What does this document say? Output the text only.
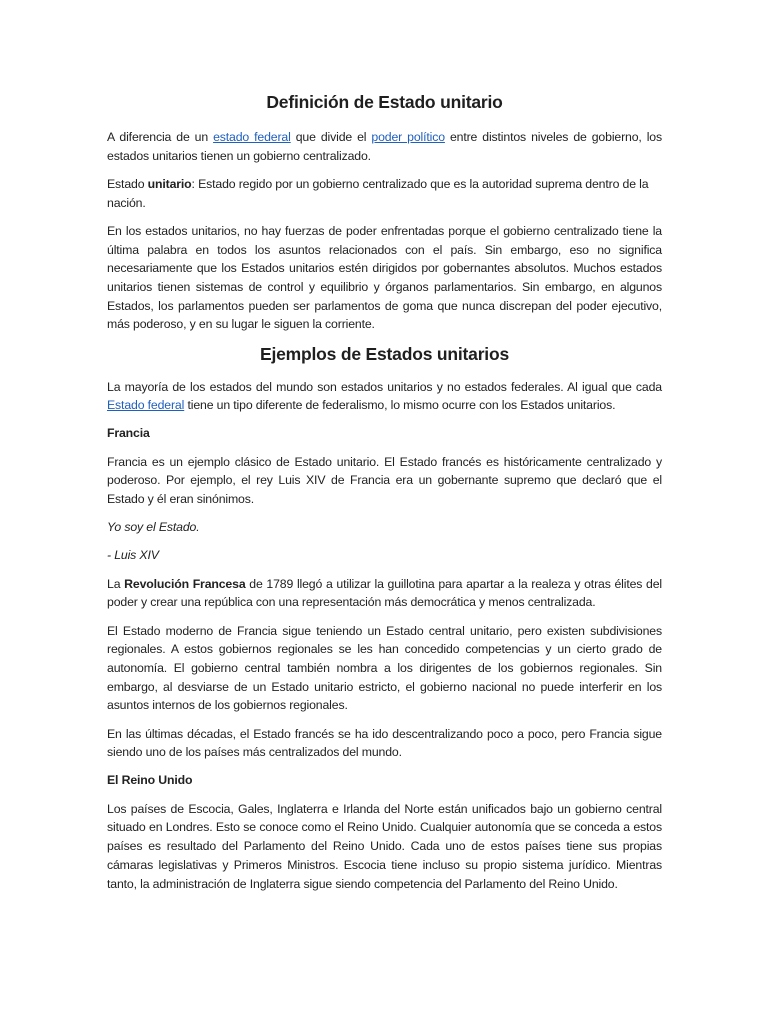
Definición de Estado unitario

A diferencia de un estado federal que divide el poder político entre distintos niveles de gobierno, los estados unitarios tienen un gobierno centralizado.

Estado unitario: Estado regido por un gobierno centralizado que es la autoridad suprema dentro de la nación.

En los estados unitarios, no hay fuerzas de poder enfrentadas porque el gobierno centralizado tiene la última palabra en todos los asuntos relacionados con el país. Sin embargo, eso no significa necesariamente que los Estados unitarios estén dirigidos por gobernantes absolutos. Muchos estados unitarios tienen sistemas de control y equilibrio y órganos parlamentarios. Sin embargo, en algunos Estados, los parlamentos pueden ser parlamentos de goma que nunca discrepan del poder ejecutivo, más poderoso, y en su lugar le siguen la corriente.

Ejemplos de Estados unitarios

La mayoría de los estados del mundo son estados unitarios y no estados federales. Al igual que cada Estado federal tiene un tipo diferente de federalismo, lo mismo ocurre con los Estados unitarios.

Francia

Francia es un ejemplo clásico de Estado unitario. El Estado francés es históricamente centralizado y poderoso. Por ejemplo, el rey Luis XIV de Francia era un gobernante supremo que declaró que el Estado y él eran sinónimos.

Yo soy el Estado.

- Luis XIV

La Revolución Francesa de 1789 llegó a utilizar la guillotina para apartar a la realeza y otras élites del poder y crear una república con una representación más democrática y menos centralizada.

El Estado moderno de Francia sigue teniendo un Estado central unitario, pero existen subdivisiones regionales. A estos gobiernos regionales se les han concedido competencias y un cierto grado de autonomía. El gobierno central también nombra a los dirigentes de los gobiernos regionales. Sin embargo, al desviarse de un Estado unitario estricto, el gobierno nacional no puede interferir en los asuntos internos de los gobiernos regionales.

En las últimas décadas, el Estado francés se ha ido descentralizando poco a poco, pero Francia sigue siendo uno de los países más centralizados del mundo.

El Reino Unido

Los países de Escocia, Gales, Inglaterra e Irlanda del Norte están unificados bajo un gobierno central situado en Londres. Esto se conoce como el Reino Unido. Cualquier autonomía que se conceda a estos países es resultado del Parlamento del Reino Unido. Cada uno de estos países tiene sus propias cámaras legislativas y Primeros Ministros. Escocia tiene incluso su propio sistema jurídico. Mientras tanto, la administración de Inglaterra sigue siendo competencia del Parlamento del Reino Unido.
